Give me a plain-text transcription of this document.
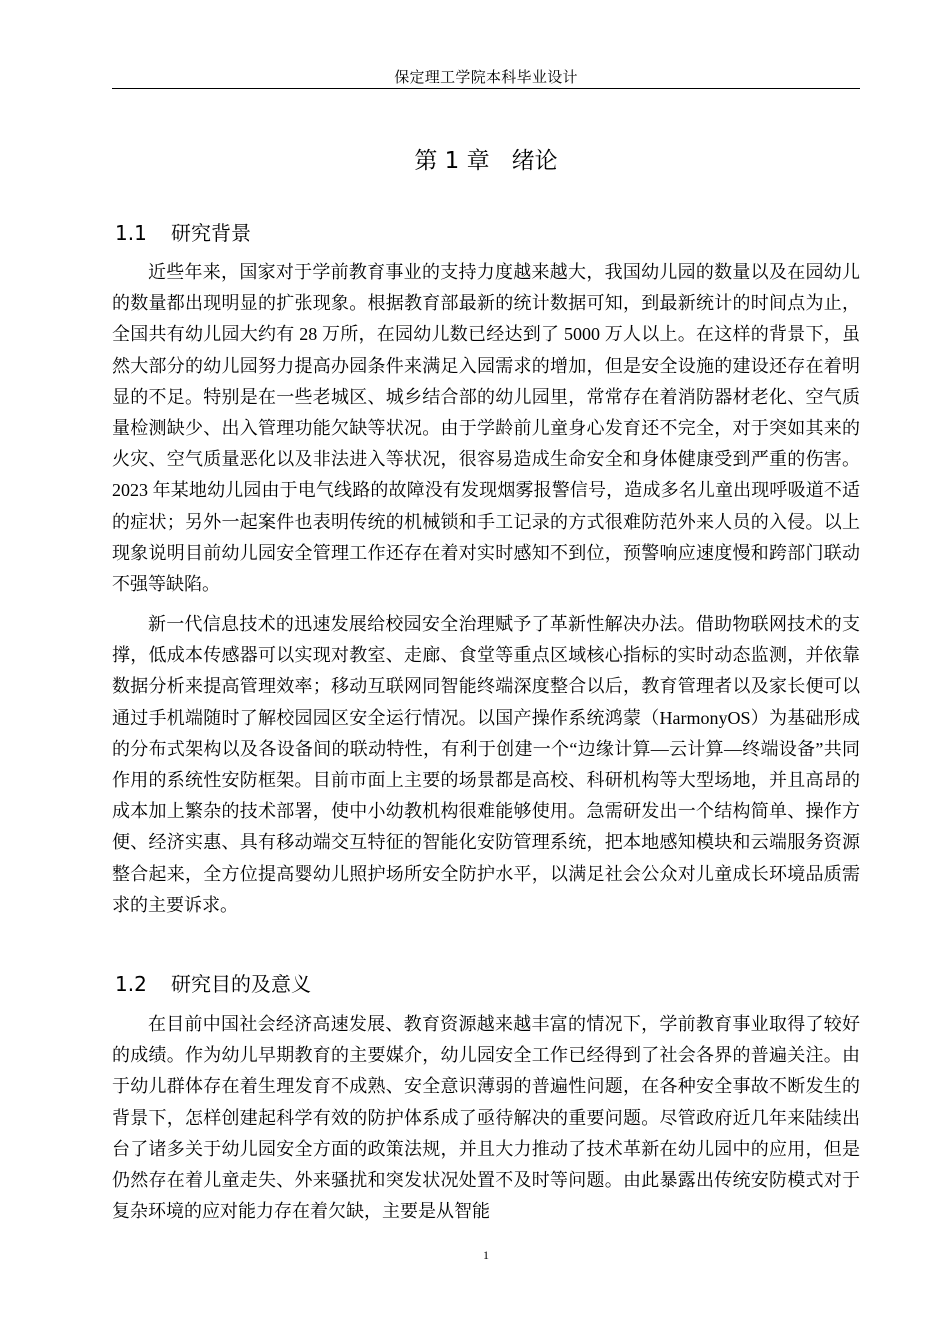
保定理工学院本科毕业设计
第 1 章 绪论
1.1 研究背景

近些年来，国家对于学前教育事业的支持力度越来越大，我国幼儿园的数量以及在园幼儿的数量都出现明显的扩张现象。根据教育部最新的统计数据可知，到最新统计的时间点为止，全国共有幼儿园大约有 28 万所，在园幼儿数已经达到了 5000 万人以上。在这样的背景下，虽然大部分的幼儿园努力提高办园条件来满足入园需求的增加，但是安全设施的建设还存在着明显的不足。特别是在一些老城区、城乡结合部的幼儿园里，常常存在着消防器材老化、空气质量检测缺少、出入管理功能欠缺等状况。由于学龄前儿童身心发育还不完全，对于突如其来的火灾、空气质量恶化以及非法进入等状况，很容易造成生命安全和身体健康受到严重的伤害。2023 年某地幼儿园由于电气线路的故障没有发现烟雾报警信号，造成多名儿童出现呼吸道不适的症状；另外一起案件也表明传统的机械锁和手工记录的方式很难防范外来人员的入侵。以上现象说明目前幼儿园安全管理工作还存在着对实时感知不到位，预警响应速度慢和跨部门联动不强等缺陷。

新一代信息技术的迅速发展给校园安全治理赋予了革新性解决办法。借助物联网技术的支撑，低成本传感器可以实现对教室、走廊、食堂等重点区域核心指标的实时动态监测，并依靠数据分析来提高管理效率；移动互联网同智能终端深度整合以后，教育管理者以及家长便可以通过手机端随时了解校园园区安全运行情况。以国产操作系统鸿蒙（HarmonyOS）为基础形成的分布式架构以及各设备间的联动特性，有利于创建一个“边缘计算—云计算—终端设备”共同作用的系统性安防框架。目前市面上主要的场景都是高校、科研机构等大型场地，并且高昂的成本加上繁杂的技术部署，使中小幼教机构很难能够使用。急需研发出一个结构简单、操作方便、经济实惠、具有移动端交互特征的智能化安防管理系统，把本地感知模块和云端服务资源整合起来，全方位提高婴幼儿照护场所安全防护水平，以满足社会公众对儿童成长环境品质需求的主要诉求。

1.2 研究目的及意义

在目前中国社会经济高速发展、教育资源越来越丰富的情况下，学前教育事业取得了较好的成绩。作为幼儿早期教育的主要媒介，幼儿园安全工作已经得到了社会各界的普遍关注。由于幼儿群体存在着生理发育不成熟、安全意识薄弱的普遍性问题，在各种安全事故不断发生的背景下，怎样创建起科学有效的防护体系成了亟待解决的重要问题。尽管政府近几年来陆续出台了诸多关于幼儿园安全方面的政策法规，并且大力推动了技术革新在幼儿园中的应用，但是仍然存在着儿童走失、外来骚扰和突发状况处置不及时等问题。由此暴露出传统安防模式对于复杂环境的应对能力存在着欠缺，主要是从智能

1
